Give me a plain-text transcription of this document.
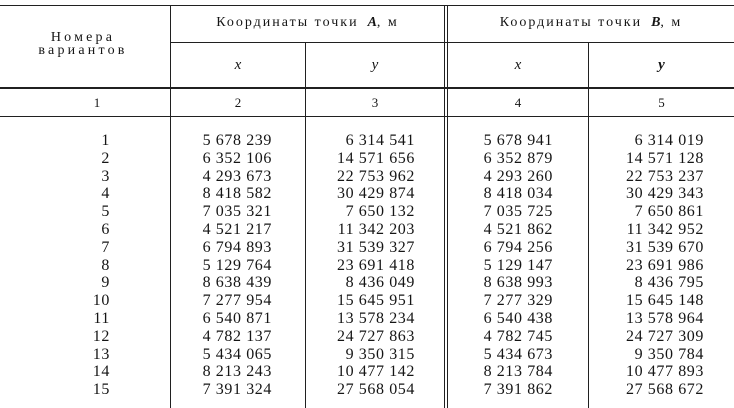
Номера вариантов
Координаты точки A, м	Координаты точки B, м
x	y	x	y
1	2	3	4	5
1	5 678 239	6 314 541	5 678 941	6 314 019
2	6 352 106	14 571 656	6 352 879	14 571 128
3	4 293 673	22 753 962	4 293 260	22 753 237
4	8 418 582	30 429 874	8 418 034	30 429 343
5	7 035 321	7 650 132	7 035 725	7 650 861
6	4 521 217	11 342 203	4 521 862	11 342 952
7	6 794 893	31 539 327	6 794 256	31 539 670
8	5 129 764	23 691 418	5 129 147	23 691 986
9	8 638 439	8 436 049	8 638 993	8 436 795
10	7 277 954	15 645 951	7 277 329	15 645 148
11	6 540 871	13 578 234	6 540 438	13 578 964
12	4 782 137	24 727 863	4 782 745	24 727 309
13	5 434 065	9 350 315	5 434 673	9 350 784
14	8 213 243	10 477 142	8 213 784	10 477 893
15	7 391 324	27 568 054	7 391 862	27 568 672
